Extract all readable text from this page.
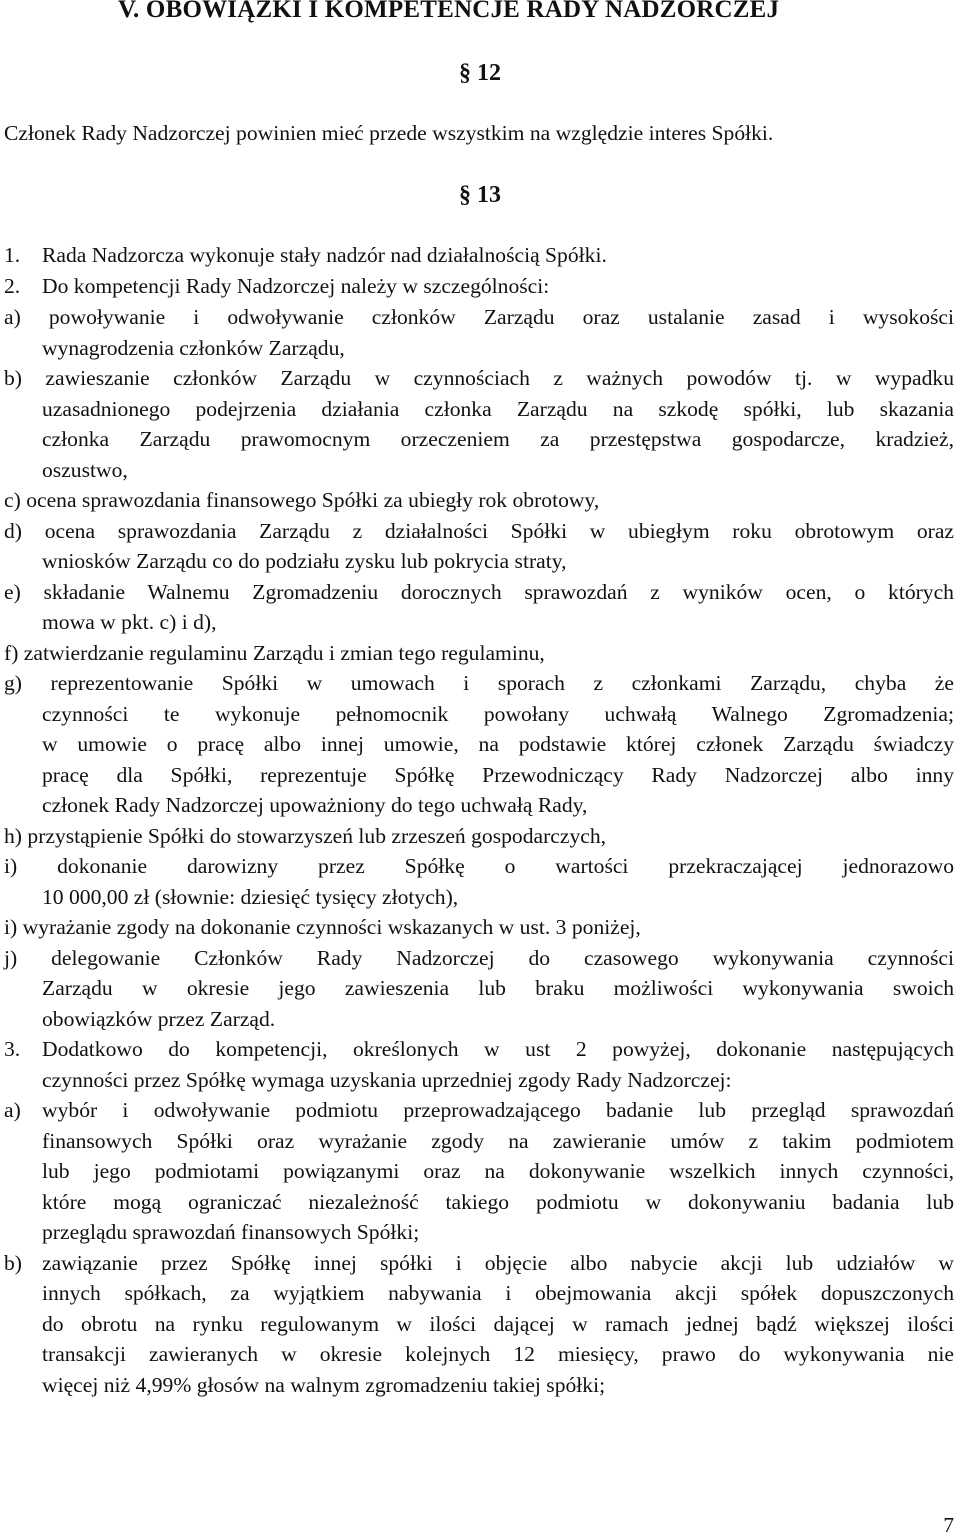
V. OBOWIĄZKI I KOMPETENCJE RADY NADZORCZEJ
§ 12
Członek Rady Nadzorczej powinien mieć przede wszystkim na względzie interes Spółki.
§ 13
1. Rada Nadzorcza wykonuje stały nadzór nad działalnością Spółki.
2. Do kompetencji Rady Nadzorczej należy w szczególności:
a) powoływanie i odwoływanie członków Zarządu oraz ustalanie zasad i wysokości
wynagrodzenia członków Zarządu,
b) zawieszanie członków Zarządu w czynnościach z ważnych powodów tj. w wypadku
uzasadnionego podejrzenia działania członka Zarządu na szkodę spółki, lub skazania
członka Zarządu prawomocnym orzeczeniem za przestępstwa gospodarcze, kradzież,
oszustwo,
c) ocena sprawozdania finansowego Spółki za ubiegły rok obrotowy,
d) ocena sprawozdania Zarządu z działalności Spółki w ubiegłym roku obrotowym oraz
wniosków Zarządu co do podziału zysku lub pokrycia straty,
e) składanie Walnemu Zgromadzeniu dorocznych sprawozdań z wyników ocen, o których
mowa w pkt. c) i d),
f) zatwierdzanie regulaminu Zarządu i zmian tego regulaminu,
g) reprezentowanie Spółki w umowach i sporach z członkami Zarządu, chyba że
czynności te wykonuje pełnomocnik powołany uchwałą Walnego Zgromadzenia;
w umowie o pracę albo innej umowie, na podstawie której członek Zarządu świadczy
pracę dla Spółki, reprezentuje Spółkę Przewodniczący Rady Nadzorczej albo inny
członek Rady Nadzorczej upoważniony do tego uchwałą Rady,
h) przystąpienie Spółki do stowarzyszeń lub zrzeszeń gospodarczych,
i) dokonanie darowizny przez Spółkę o wartości przekraczającej jednorazowo
10 000,00 zł (słownie: dziesięć tysięcy złotych),
i) wyrażanie zgody na dokonanie czynności wskazanych w ust. 3 poniżej,
j) delegowanie Członków Rady Nadzorczej do czasowego wykonywania czynności
Zarządu w okresie jego zawieszenia lub braku możliwości wykonywania swoich
obowiązków przez Zarząd.
3. Dodatkowo do kompetencji, określonych w ust 2 powyżej, dokonanie następujących
czynności przez Spółkę wymaga uzyskania uprzedniej zgody Rady Nadzorczej:
a) wybór i odwoływanie podmiotu przeprowadzającego badanie lub przegląd sprawozdań
finansowych Spółki oraz wyrażanie zgody na zawieranie umów z takim podmiotem
lub jego podmiotami powiązanymi oraz na dokonywanie wszelkich innych czynności,
które mogą ograniczać niezależność takiego podmiotu w dokonywaniu badania lub
przeglądu sprawozdań finansowych Spółki;
b) zawiązanie przez Spółkę innej spółki i objęcie albo nabycie akcji lub udziałów w
innych spółkach, za wyjątkiem nabywania i obejmowania akcji spółek dopuszczonych
do obrotu na rynku regulowanym w ilości dającej w ramach jednej bądź większej ilości
transakcji zawieranych w okresie kolejnych 12 miesięcy, prawo do wykonywania nie
więcej niż 4,99% głosów na walnym zgromadzeniu takiej spółki;
7
